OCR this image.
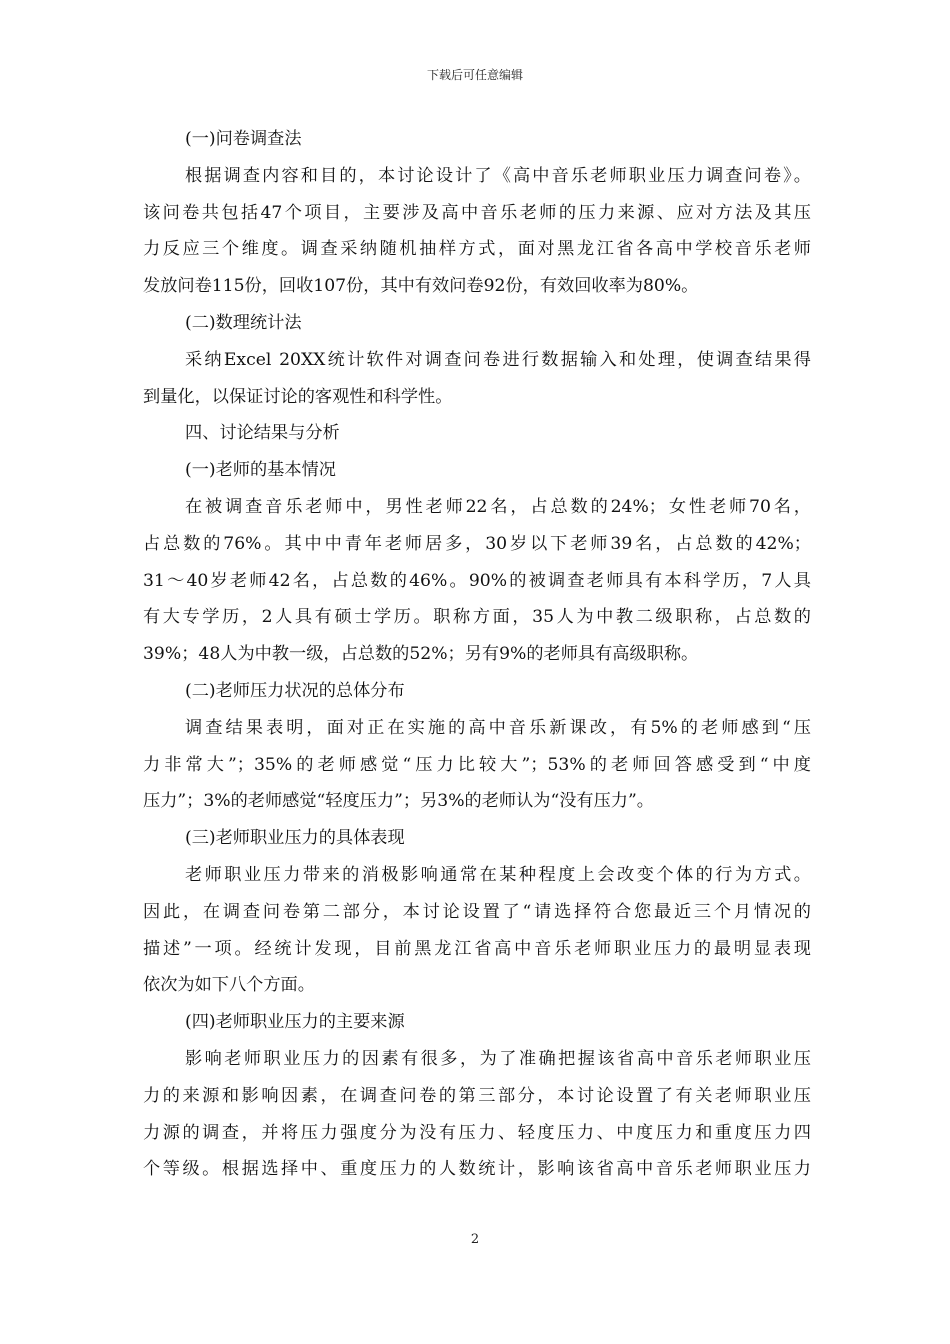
下载后可任意编辑
(一)问卷调查法
根据调查内容和目的，本讨论设计了《高中音乐老师职业压力调查问卷》。
该问卷共包括47个项目，主要涉及高中音乐老师的压力来源、应对方法及其压
力反应三个维度。调查采纳随机抽样方式，面对黑龙江省各高中学校音乐老师
发放问卷115份，回收107份，其中有效问卷92份，有效回收率为80%。
(二)数理统计法
采纳Excel 20XX统计软件对调查问卷进行数据输入和处理，使调查结果得
到量化，以保证讨论的客观性和科学性。
四、讨论结果与分析
(一)老师的基本情况
在被调查音乐老师中，男性老师22名，占总数的24%；女性老师70名，
占总数的76%。其中中青年老师居多，30岁以下老师39名，占总数的42%；
31～40岁老师42名，占总数的46%。90%的被调查老师具有本科学历，7人具
有大专学历，2人具有硕士学历。职称方面，35人为中教二级职称，占总数的
39%；48人为中教一级，占总数的52%；另有9%的老师具有高级职称。
(二)老师压力状况的总体分布
调查结果表明，面对正在实施的高中音乐新课改，有5%的老师感到“压
力非常大”；35%的老师感觉“压力比较大”；53%的老师回答感受到“中度
压力”；3%的老师感觉“轻度压力”；另3%的老师认为“没有压力”。
(三)老师职业压力的具体表现
老师职业压力带来的消极影响通常在某种程度上会改变个体的行为方式。
因此，在调查问卷第二部分，本讨论设置了“请选择符合您最近三个月情况的
描述”一项。经统计发现，目前黑龙江省高中音乐老师职业压力的最明显表现
依次为如下八个方面。
(四)老师职业压力的主要来源
影响老师职业压力的因素有很多，为了准确把握该省高中音乐老师职业压
力的来源和影响因素，在调查问卷的第三部分，本讨论设置了有关老师职业压
力源的调查，并将压力强度分为没有压力、轻度压力、中度压力和重度压力四
个等级。根据选择中、重度压力的人数统计，影响该省高中音乐老师职业压力
2
